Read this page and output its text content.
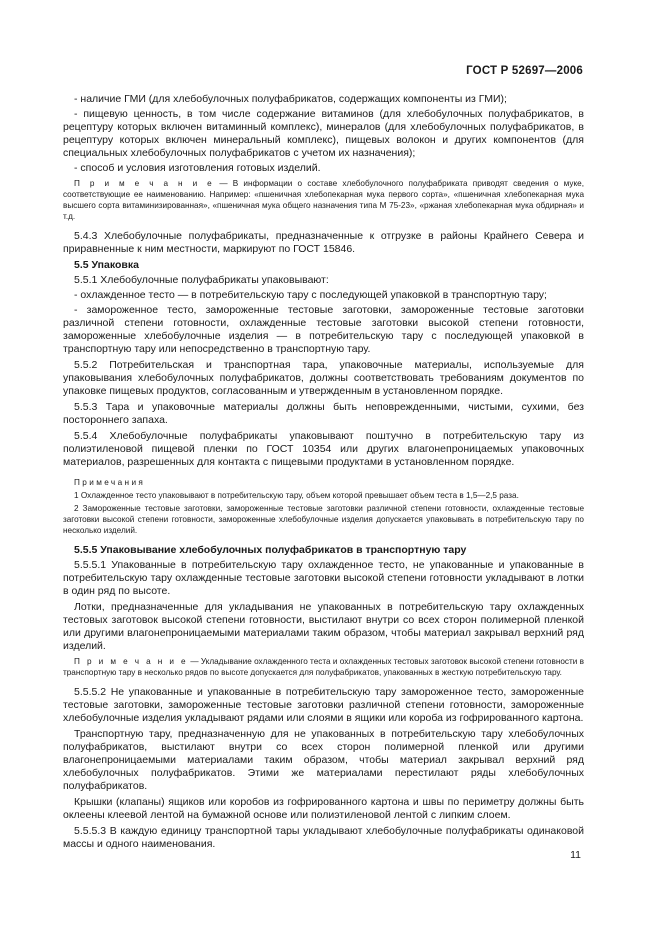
ГОСТ Р 52697—2006

- наличие ГМИ (для хлебобулочных полуфабрикатов, содержащих компоненты из ГМИ);

- пищевую ценность, в том числе содержание витаминов (для хлебобулочных полуфабрикатов, в рецептуру которых включен витаминный комплекс), минералов (для хлебобулочных полуфабрикатов, в рецептуру которых включен минеральный комплекс), пищевых волокон и других компонентов (для специальных хлебобулочных полуфабрикатов с учетом их назначения);

- способ и условия изготовления готовых изделий.

П р и м е ч а н и е — В информации о составе хлебобулочного полуфабриката приводят сведения о муке, соответствующие ее наименованию. Например: «пшеничная хлебопекарная мука первого сорта», «пшеничная хлебопекарная мука высшего сорта витаминизированная», «пшеничная мука общего назначения типа М 75-23», «ржаная хлебопекарная мука обдирная» и т.д.

5.4.3 Хлебобулочные полуфабрикаты, предназначенные к отгрузке в районы Крайнего Севера и приравненные к ним местности, маркируют по ГОСТ 15846.

5.5 Упаковка

5.5.1 Хлебобулочные полуфабрикаты упаковывают:

- охлажденное тесто — в потребительскую тару с последующей упаковкой в транспортную тару;

- замороженное тесто, замороженные тестовые заготовки, замороженные тестовые заготовки различной степени готовности, охлажденные тестовые заготовки высокой степени готовности, замороженные хлебобулочные изделия — в потребительскую тару с последующей упаковкой в транспортную тару или непосредственно в транспортную тару.

5.5.2 Потребительская и транспортная тара, упаковочные материалы, используемые для упаковывания хлебобулочных полуфабрикатов, должны соответствовать требованиям документов по упаковке пищевых продуктов, согласованным и утвержденным в установленном порядке.

5.5.3 Тара и упаковочные материалы должны быть неповрежденными, чистыми, сухими, без постороннего запаха.

5.5.4 Хлебобулочные полуфабрикаты упаковывают поштучно в потребительскую тару из полиэтиленовой пищевой пленки по ГОСТ 10354 или других влагонепроницаемых упаковочных материалов, разрешенных для контакта с пищевыми продуктами в установленном порядке.

Примечания

1 Охлажденное тесто упаковывают в потребительскую тару, объем которой превышает объем теста в 1,5—2,5 раза.

2 Замороженные тестовые заготовки, замороженные тестовые заготовки различной степени готовности, охлажденные тестовые заготовки высокой степени готовности, замороженные хлебобулочные изделия допускается упаковывать в потребительскую тару по несколько изделий.

5.5.5 Упаковывание хлебобулочных полуфабрикатов в транспортную тару

5.5.5.1 Упакованные в потребительскую тару охлажденное тесто, не упакованные и упакованные в потребительскую тару охлажденные тестовые заготовки высокой степени готовности укладывают в лотки в один ряд по высоте.

Лотки, предназначенные для укладывания не упакованных в потребительскую тару охлажденных тестовых заготовок высокой степени готовности, выстилают внутри со всех сторон полимерной пленкой или другими влагонепроницаемыми материалами таким образом, чтобы материал закрывал верхний ряд изделий.

П р и м е ч а н и е — Укладывание охлажденного теста и охлажденных тестовых заготовок высокой степени готовности в транспортную тару в несколько рядов по высоте допускается для полуфабрикатов, упакованных в жесткую потребительскую тару.

5.5.5.2 Не упакованные и упакованные в потребительскую тару замороженное тесто, замороженные тестовые заготовки, замороженные тестовые заготовки различной степени готовности, замороженные хлебобулочные изделия укладывают рядами или слоями в ящики или короба из гофрированного картона.

Транспортную тару, предназначенную для не упакованных в потребительскую тару хлебобулочных полуфабрикатов, выстилают внутри со всех сторон полимерной пленкой или другими влагонепроницаемыми материалами таким образом, чтобы материал закрывал верхний ряд хлебобулочных полуфабрикатов. Этими же материалами перестилают ряды хлебобулочных полуфабрикатов.

Крышки (клапаны) ящиков или коробов из гофрированного картона и швы по периметру должны быть оклеены клеевой лентой на бумажной основе или полиэтиленовой лентой с липким слоем.

5.5.5.3 В каждую единицу транспортной тары укладывают хлебобулочные полуфабрикаты одинаковой массы и одного наименования.

11
